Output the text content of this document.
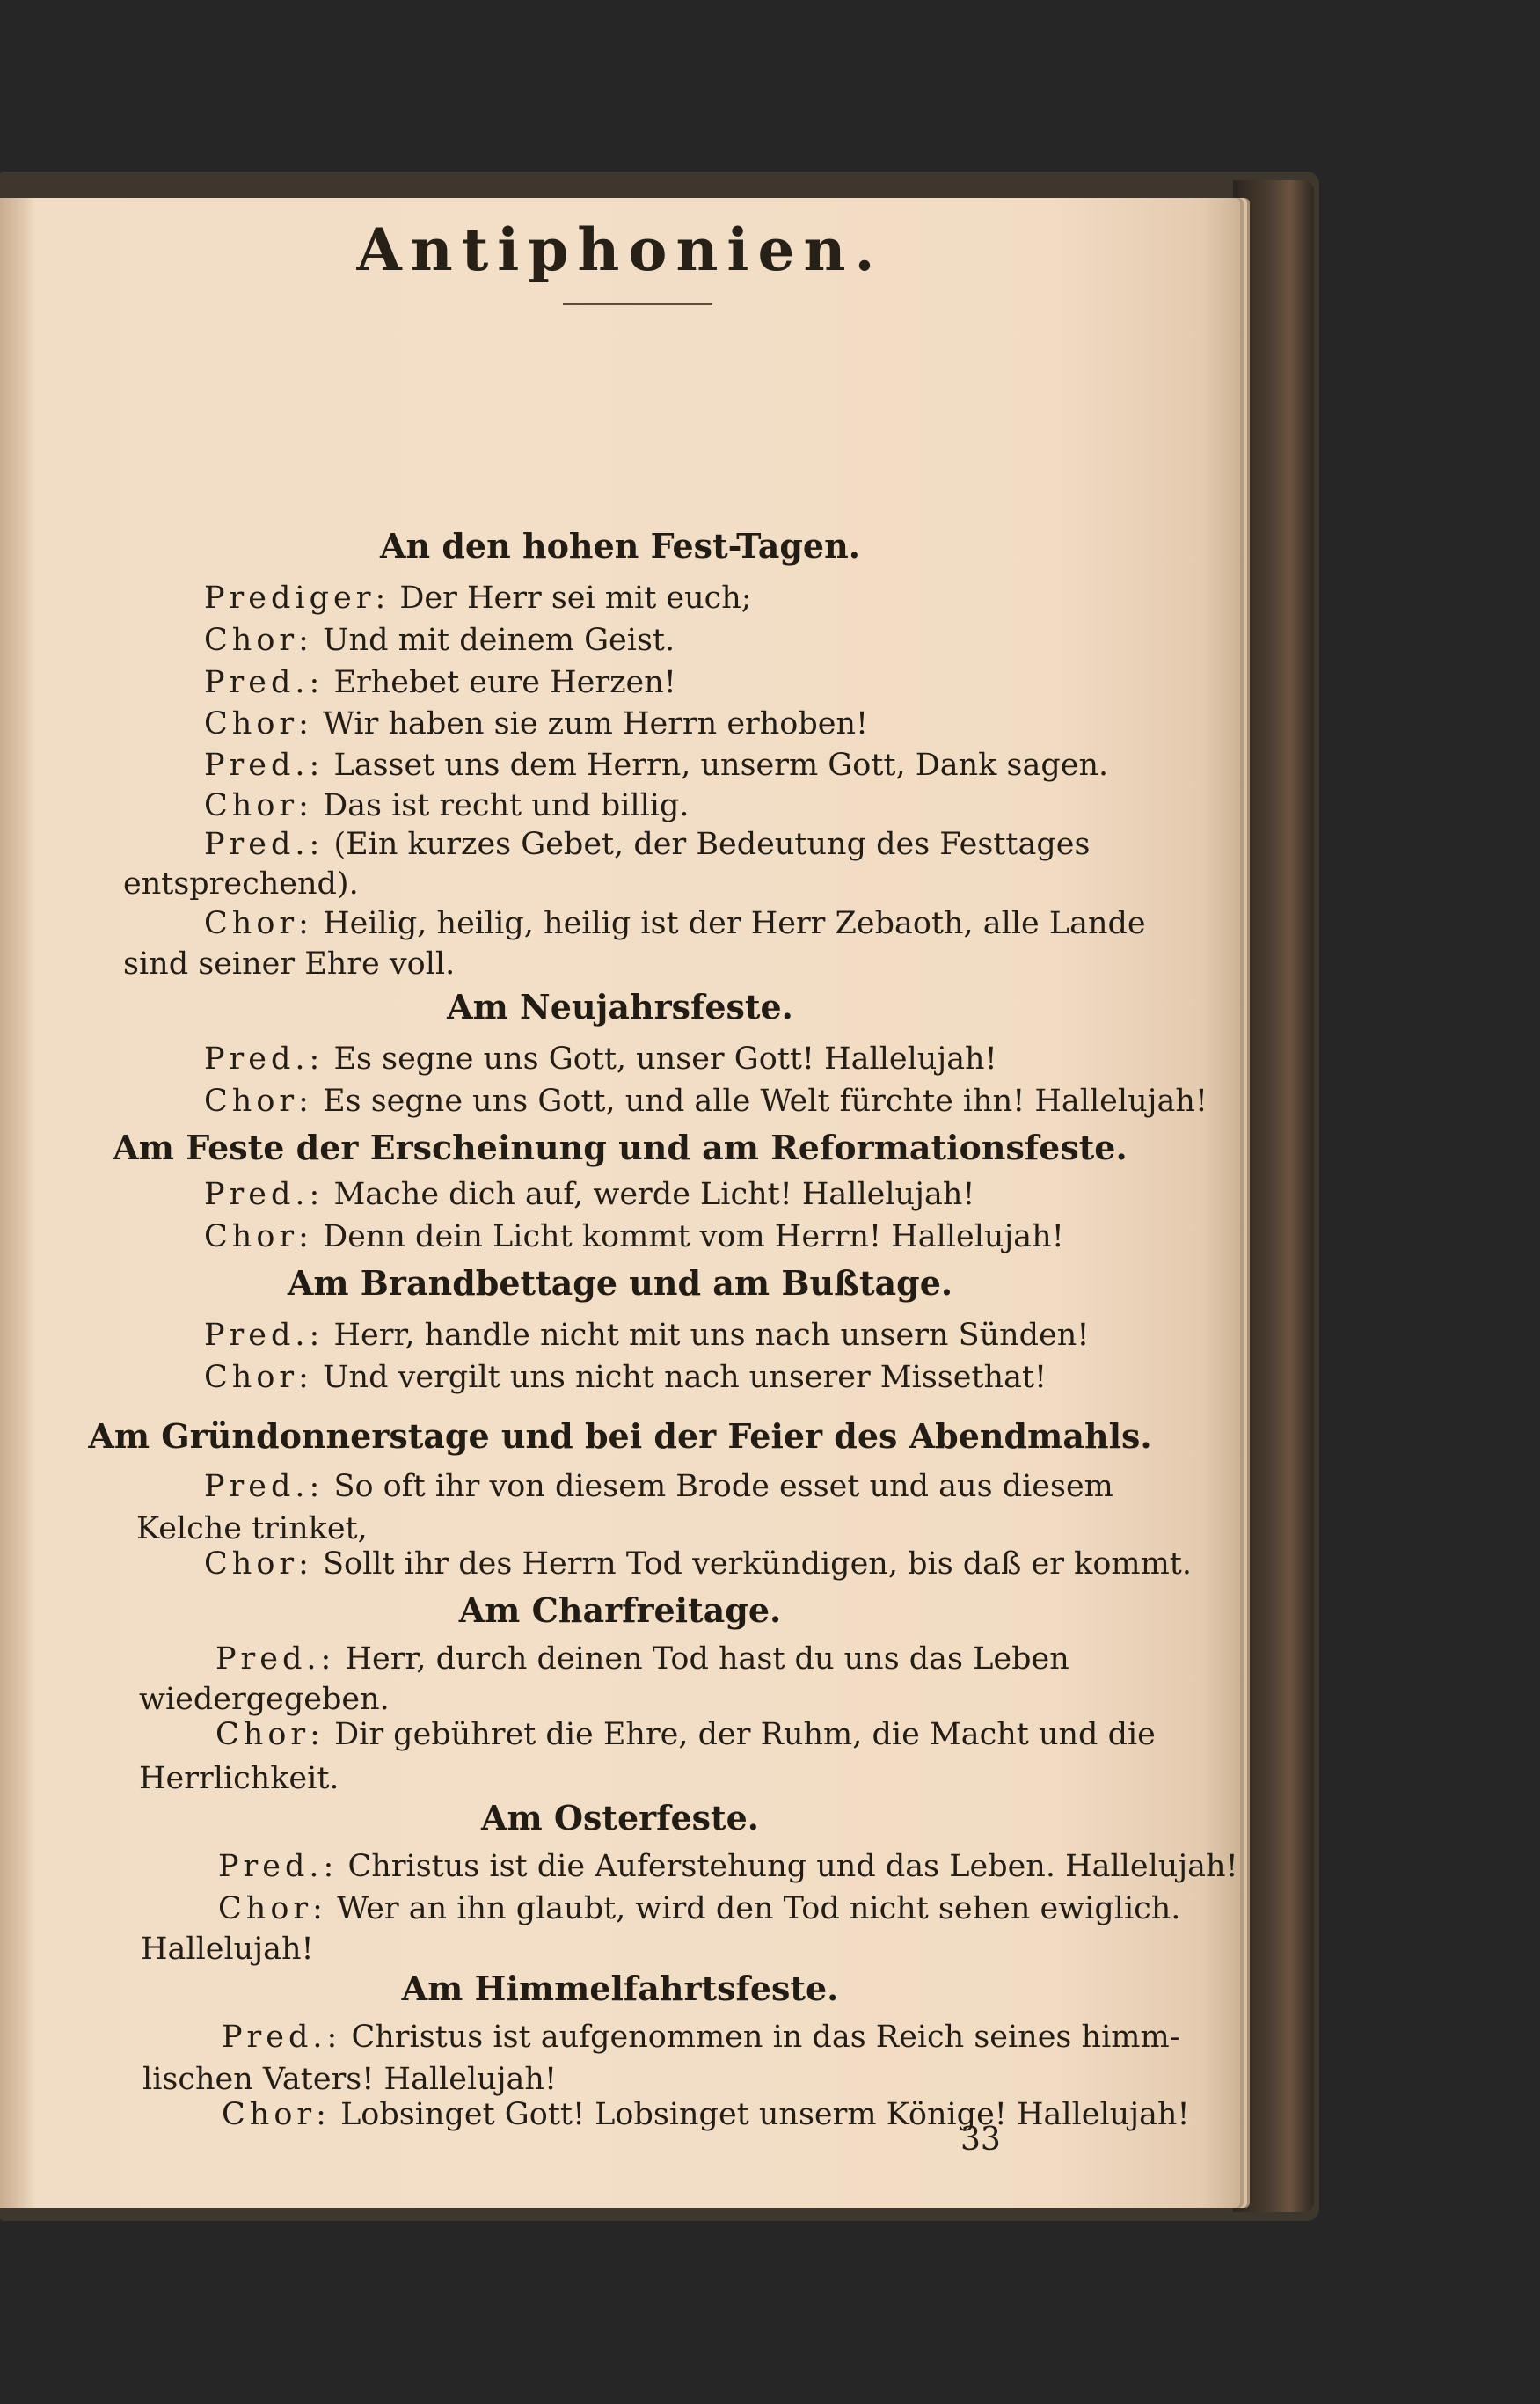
Antiphonien.
An den hohen Fest-Tagen.
Prediger: Der Herr sei mit euch;
Chor: Und mit deinem Geist.
Pred.: Erhebet eure Herzen!
Chor: Wir haben sie zum Herrn erhoben!
Pred.: Lasset uns dem Herrn, unserm Gott, Dank sagen.
Chor: Das ist recht und billig.
Pred.: (Ein kurzes Gebet, der Bedeutung des Festtages
entsprechend).
Chor: Heilig, heilig, heilig ist der Herr Zebaoth, alle Lande
sind seiner Ehre voll.
Am Neujahrsfeste.
Pred.: Es segne uns Gott, unser Gott! Hallelujah!
Chor: Es segne uns Gott, und alle Welt fürchte ihn! Hallelujah!
Am Feste der Erscheinung und am Reformationsfeste.
Pred.: Mache dich auf, werde Licht! Hallelujah!
Chor: Denn dein Licht kommt vom Herrn! Hallelujah!
Am Brandbettage und am Bußtage.
Pred.: Herr, handle nicht mit uns nach unsern Sünden!
Chor: Und vergilt uns nicht nach unserer Missethat!
Am Gründonnerstage und bei der Feier des Abendmahls.
Pred.: So oft ihr von diesem Brode esset und aus diesem
Kelche trinket,
Chor: Sollt ihr des Herrn Tod verkündigen, bis daß er kommt.
Am Charfreitage.
Pred.: Herr, durch deinen Tod hast du uns das Leben
wiedergegeben.
Chor: Dir gebühret die Ehre, der Ruhm, die Macht und die
Herrlichkeit.
Am Osterfeste.
Pred.: Christus ist die Auferstehung und das Leben. Hallelujah!
Chor: Wer an ihn glaubt, wird den Tod nicht sehen ewiglich.
Hallelujah!
Am Himmelfahrtsfeste.
Pred.: Christus ist aufgenommen in das Reich seines himm-
lischen Vaters! Hallelujah!
Chor: Lobsinget Gott! Lobsinget unserm Könige! Hallelujah!
33
